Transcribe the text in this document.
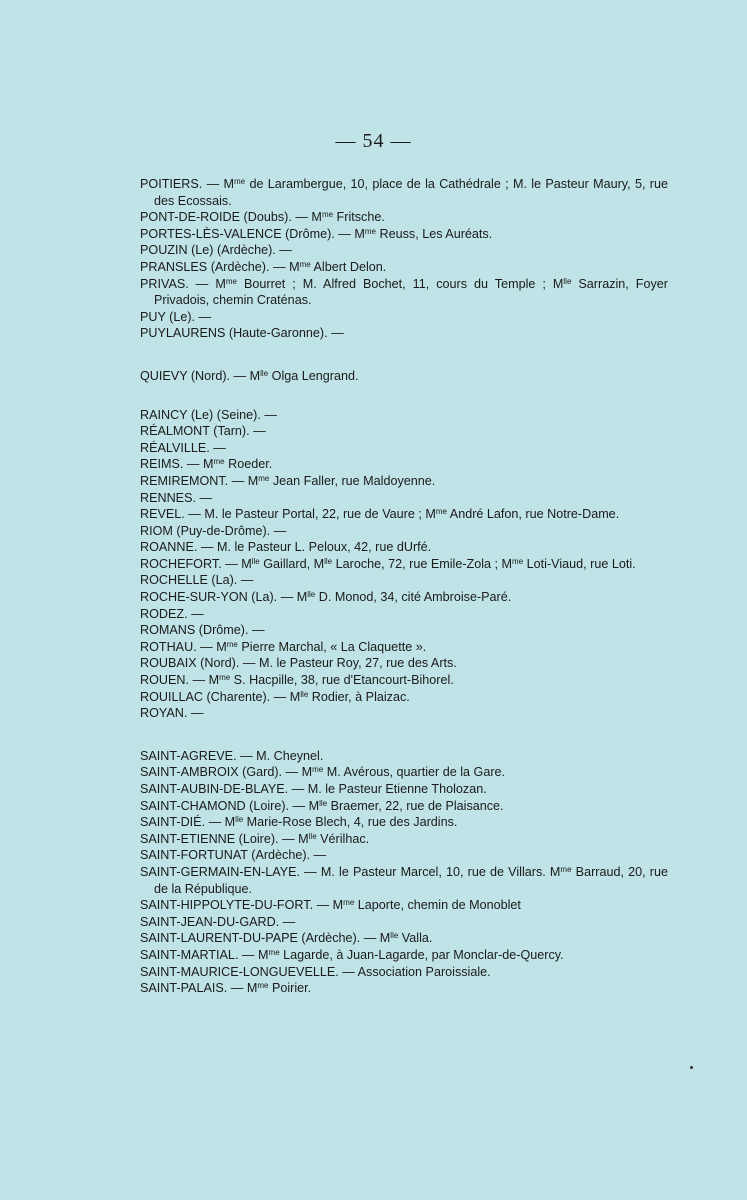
— 54 —

POITIERS. — $M^{me}$ de Larambergue, 10, place de la Cathédrale ; M. le Pasteur Maury, 5, rue des Ecossais.

PONT-DE-ROIDE (Doubs). — $M^{me}$ Fritsche.

PORTES-LÈS-VALENCE (Drôme). — $M^{me}$ Reuss, Les Auréats.

POUZIN (Le) (Ardèche). —

PRANSLES (Ardèche). — $M^{me}$ Albert Delon.

PRIVAS. — $M^{me}$ Bourret ; M. Alfred Bochet, 11, cours du Temple ; $M^{lle}$ Sarrazin, Foyer Privadois, chemin Craténas.

PUY (Le). —

PUYLAURENS (Haute-Garonne). —

QUIEVY (Nord). — $M^{lle}$ Olga Lengrand.

RAINCY (Le) (Seine). —

RÉALMONT (Tarn). —

RÉALVILLE. —

REIMS. — $M^{me}$ Roeder.

REMIREMONT. — $M^{me}$ Jean Faller, rue Maldoyenne.

RENNES. —

REVEL. — M. le Pasteur Portal, 22, rue de Vaure ; $M^{me}$ André Lafon, rue Notre-Dame.

RIOM (Puy-de-Drôme). —

ROANNE. — M. le Pasteur L. Peloux, 42, rue dUrfé.

ROCHEFORT. — $M^{lle}$ Gaillard, $M^{lle}$ Laroche, 72, rue Emile-Zola ; $M^{me}$ Loti-Viaud, rue Loti.

ROCHELLE (La). —

ROCHE-SUR-YON (La). — $M^{lle}$ D. Monod, 34, cité Ambroise-Paré.

RODEZ. —

ROMANS (Drôme). —

ROTHAU. — $M^{me}$ Pierre Marchal, « La Claquette ».

ROUBAIX (Nord). — M. le Pasteur Roy, 27, rue des Arts.

ROUEN. — $M^{me}$ S. Hacpille, 38, rue d'Etancourt-Bihorel.

ROUILLAC (Charente). — $M^{lle}$ Rodier, à Plaizac.

ROYAN. —

SAINT-AGREVE. — M. Cheynel.

SAINT-AMBROIX (Gard). — $M^{me}$ M. Avérous, quartier de la Gare.

SAINT-AUBIN-DE-BLAYE. — M. le Pasteur Etienne Tholozan.

SAINT-CHAMOND (Loire). — $M^{lle}$ Braemer, 22, rue de Plaisance.

SAINT-DIÉ. — $M^{lle}$ Marie-Rose Blech, 4, rue des Jardins.

SAINT-ETIENNE (Loire). — $M^{lle}$ Vérilhac.

SAINT-FORTUNAT (Ardèche). —

SAINT-GERMAIN-EN-LAYE. — M. le Pasteur Marcel, 10, rue de Villars. $M^{me}$ Barraud, 20, rue de la République.

SAINT-HIPPOLYTE-DU-FORT. — $M^{me}$ Laporte, chemin de Monoblet

SAINT-JEAN-DU-GARD. —

SAINT-LAURENT-DU-PAPE (Ardèche). — $M^{lle}$ Valla.

SAINT-MARTIAL. — $M^{me}$ Lagarde, à Juan-Lagarde, par Monclar-de-Quercy.

SAINT-MAURICE-LONGUEVELLE. — Association Paroissiale.

SAINT-PALAIS. — $M^{me}$ Poirier.
